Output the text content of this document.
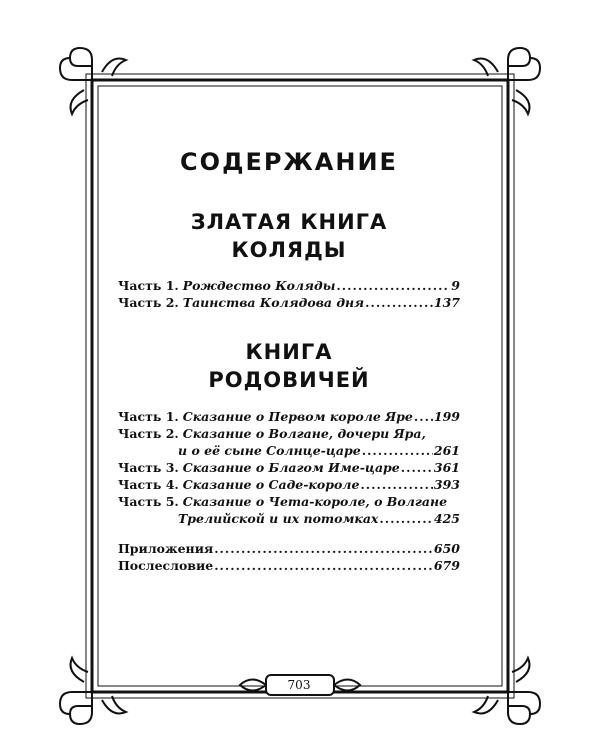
СОДЕРЖАНИЕ
ЗЛАТАЯ КНИГА
КОЛЯДЫ
Часть 1. Рождество Коляды .....	9
Часть 2. Таинства Колядова дня .....	137
КНИГА
РОДОВИЧЕЙ
Часть 1. Сказание о Первом короле Яре ..... 199
Часть 2. Сказание о Волгане, дочери Яра,
и о её сыне Солнце-царе .....	261
Часть 3. Сказание о Благом Име-царе .....	361
Часть 4. Сказание о Саде-короле .....	393
Часть 5. Сказание о Чета-короле, о Волгане
Трелийской и их потомках .....	425
Приложения .....	650
Послесловие .....	679
703
